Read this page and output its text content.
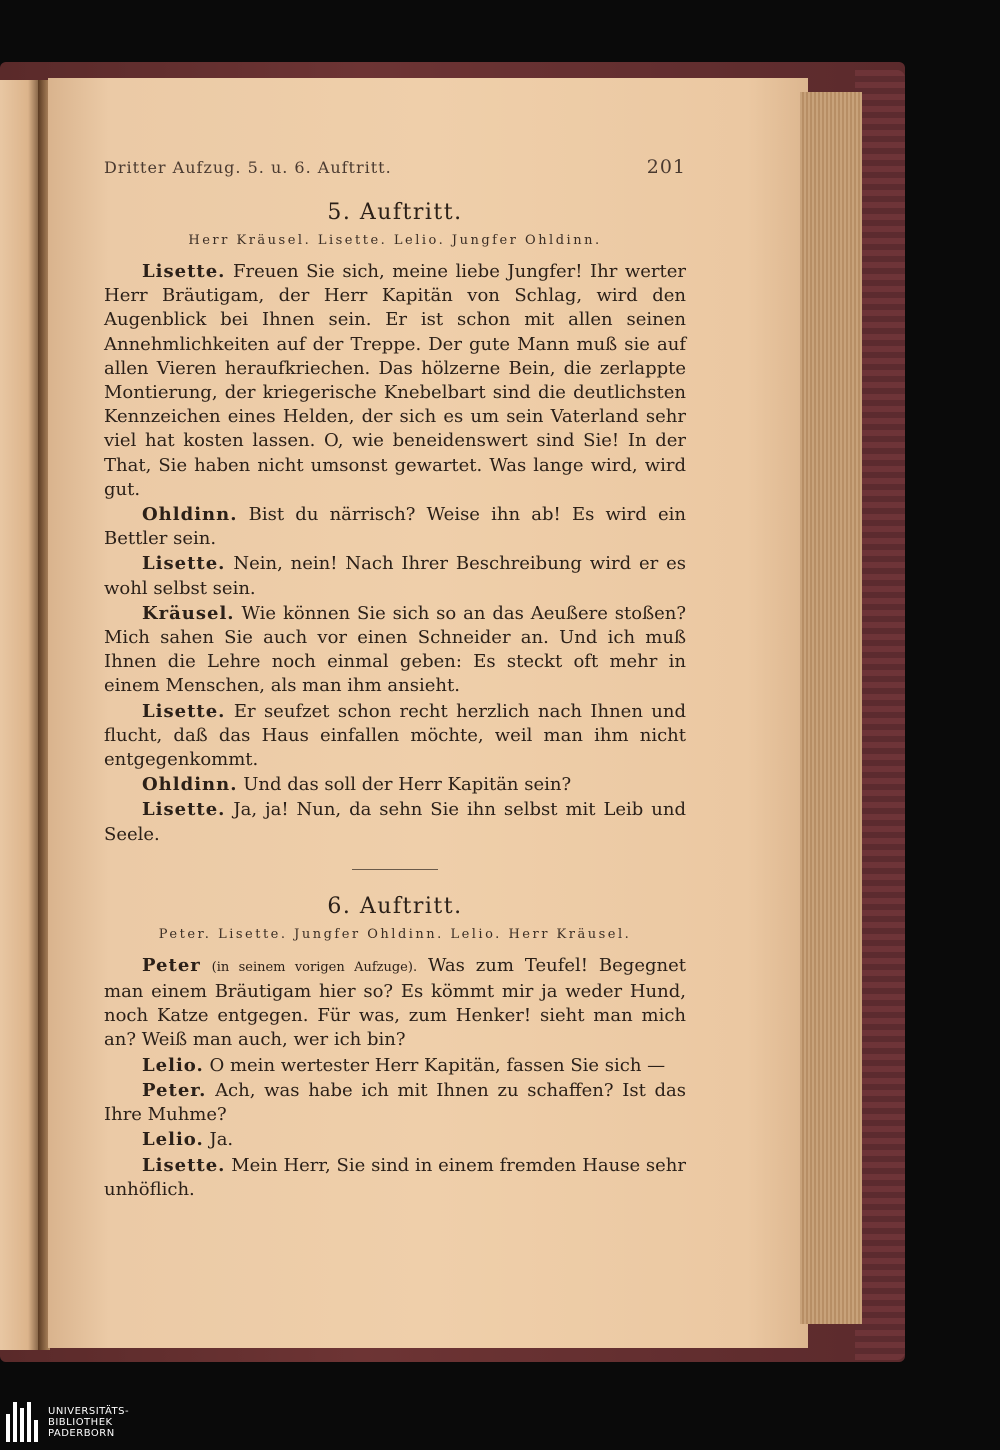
Dritter Aufzug. 5. u. 6. Auftritt.	201
5. Auftritt.
Herr Kräusel. Lisette. Lelio. Jungfer Ohldinn.

Lisette. Freuen Sie sich, meine liebe Jungfer! Ihr werter Herr Bräutigam, der Herr Kapitän von Schlag, wird den Augenblick bei Ihnen sein. Er ist schon mit allen seinen Annehmlichkeiten auf der Treppe. Der gute Mann muß sie auf allen Vieren heraufkriechen. Das hölzerne Bein, die zerlappte Montierung, der kriegerische Knebelbart sind die deutlichsten Kennzeichen eines Helden, der sich es um sein Vaterland sehr viel hat kosten lassen. O, wie beneidenswert sind Sie! In der That, Sie haben nicht umsonst gewartet. Was lange wird, wird gut.

Ohldinn. Bist du närrisch? Weise ihn ab! Es wird ein Bettler sein.

Lisette. Nein, nein! Nach Ihrer Beschreibung wird er es wohl selbst sein.

Kräusel. Wie können Sie sich so an das Aeußere stoßen? Mich sahen Sie auch vor einen Schneider an. Und ich muß Ihnen die Lehre noch einmal geben: Es steckt oft mehr in einem Menschen, als man ihm ansieht.

Lisette. Er seufzet schon recht herzlich nach Ihnen und flucht, daß das Haus einfallen möchte, weil man ihm nicht entgegenkommt.

Ohldinn. Und das soll der Herr Kapitän sein?

Lisette. Ja, ja! Nun, da sehn Sie ihn selbst mit Leib und Seele.

6. Auftritt.
Peter. Lisette. Jungfer Ohldinn. Lelio. Herr Kräusel.

Peter (in seinem vorigen Aufzuge). Was zum Teufel! Begegnet man einem Bräutigam hier so? Es kömmt mir ja weder Hund, noch Katze entgegen. Für was, zum Henker! sieht man mich an? Weiß man auch, wer ich bin?

Lelio. O mein wertester Herr Kapitän, fassen Sie sich —

Peter. Ach, was habe ich mit Ihnen zu schaffen? Ist das Ihre Muhme?

Lelio. Ja.

Lisette. Mein Herr, Sie sind in einem fremden Hause sehr unhöflich.

UNIVERSITÄTS-
BIBLIOTHEK
PADERBORN
